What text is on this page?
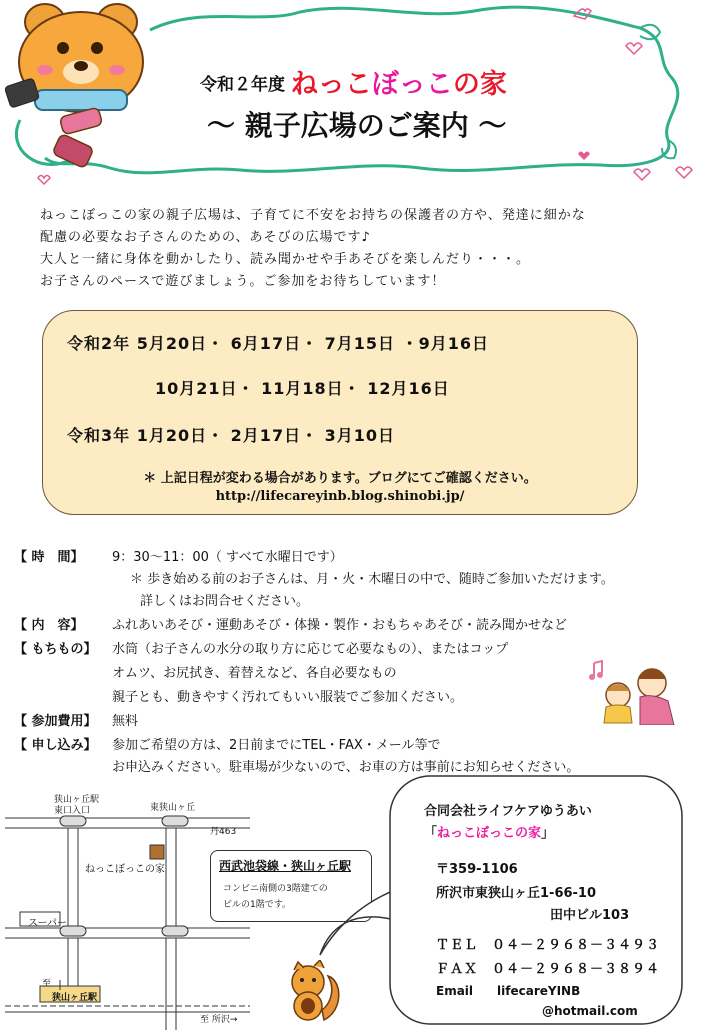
令和２年度 ねっこぼっこの家
～ 親子広場のご案内 ～
ねっこぼっこの家の親子広場は、子育てに不安をお持ちの保護者の方や、発達に細かな
配慮の必要なお子さんのための、あそびの広場です♪
大人と一緒に身体を動かしたり、読み聞かせや手あそびを楽しんだり・・・。
お子さんのペースで遊びましょう。ご参加をお待ちしています！
令和2年 5月20日・ 6月17日・ 7月15日 ・9月16日
10月21日・ 11月18日・ 12月16日
令和3年 1月20日・ 2月17日・ 3月10日
＊ 上記日程が変わる場合があります。ブログにてご確認ください。
http://lifecareyinb.blog.shinobi.jp/
【 時　間】 9：30～11：00（ すべて水曜日です）
＊ 歩き始める前のお子さんは、月・火・木曜日の中で、随時ご参加いただけます。
詳しくはお問合せください。
【 内　容】 ふれあいあそび・運動あそび・体操・製作・おもちゃあそび・読み聞かせなど
【 もちもの】 水筒（お子さんの水分の取り方に応じて必要なもの）、またはコップ
オムツ、お尻拭き、着替えなど、各自必要なもの
親子とも、動きやすく汚れてもいい服装でご参加ください。
【 参加費用】 無料
【 申し込み】 参加ご希望の方は、2日前までにTEL・FAX・メール等で
お申込みください。駐車場が少ないので、お車の方は事前にお知らせください。
狭山ヶ丘駅
東口入口	東狭山ヶ丘
丹463
ねっこぼっこの家
スーパー
狭山ヶ丘駅
至
至 所沢→
西武池袋線・狭山ヶ丘駅
コンビニ南側の3階建ての
ビルの1階です。
合同会社ライフケアゆうあい
「ねっこぼっこの家」
〒359-1106
所沢市東狭山ヶ丘1-66-10
田中ビル103
ＴＥＬ　０４－２９６８－３４９３
ＦＡＸ　０４－２９６８－３８９４
Email　　lifecareYINB
@hotmail.com
